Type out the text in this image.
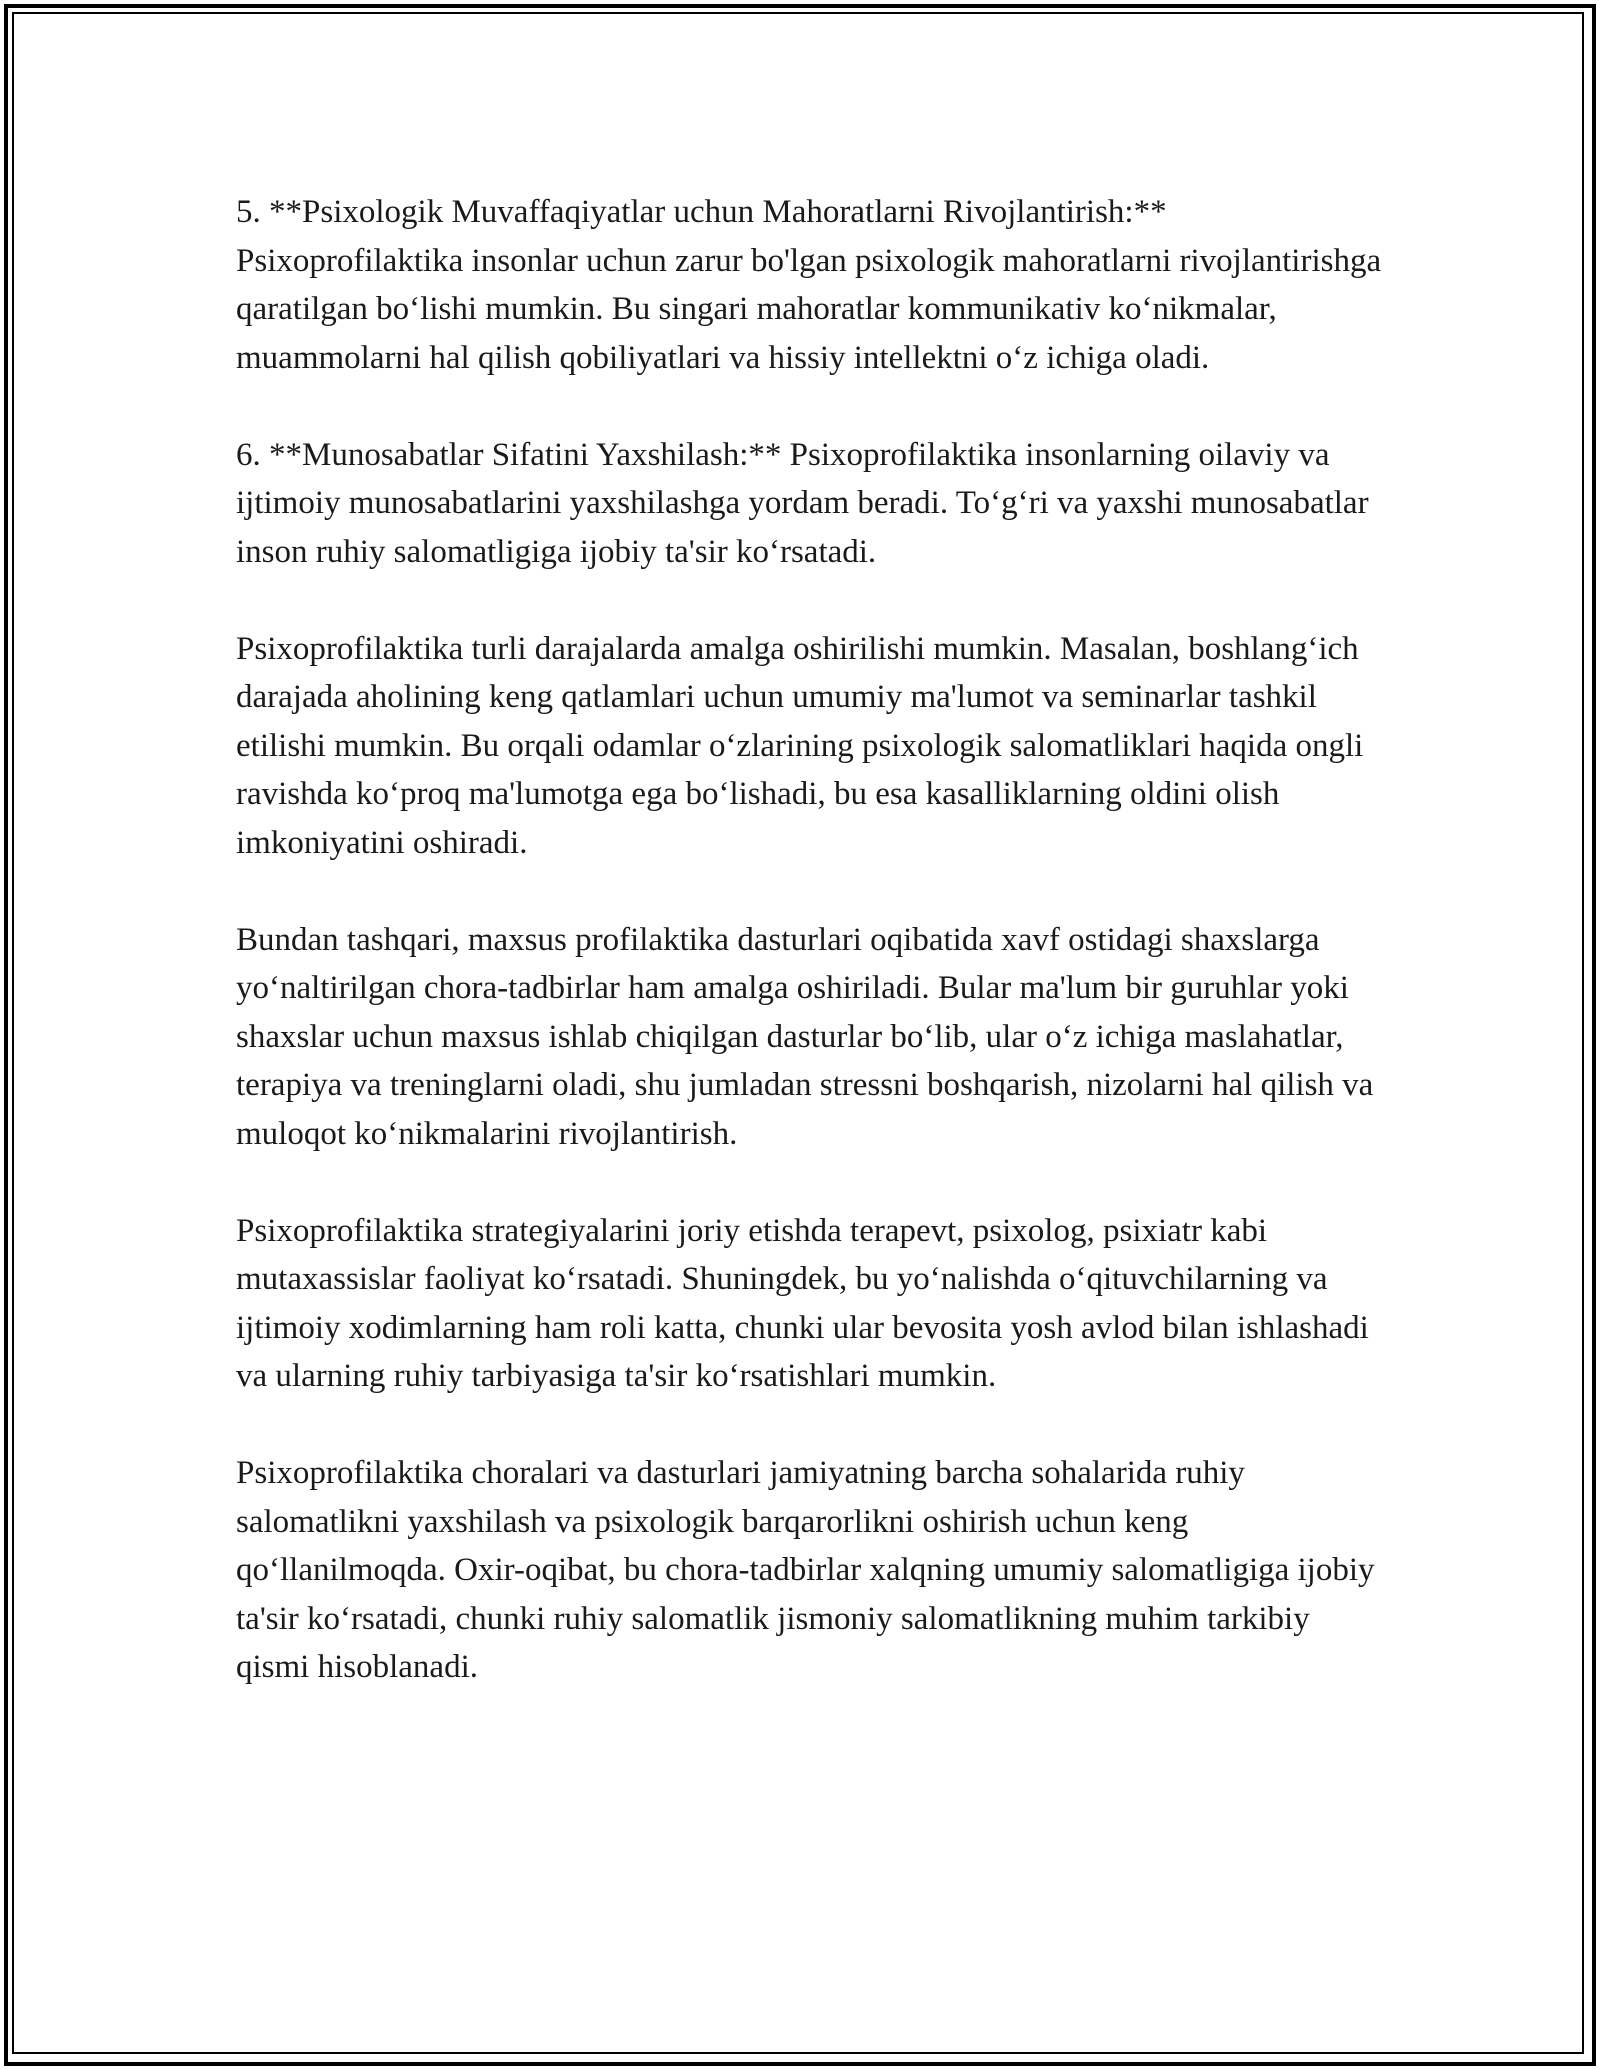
5. **Psixologik Muvaffaqiyatlar uchun Mahoratlarni Rivojlantirish:** Psixoprofilaktika insonlar uchun zarur bo'lgan psixologik mahoratlarni rivojlantirishga qaratilgan bo‘lishi mumkin. Bu singari mahoratlar kommunikativ ko‘nikmalar, muammolarni hal qilish qobiliyatlari va hissiy intellektni o‘z ichiga oladi.

6. **Munosabatlar Sifatini Yaxshilash:** Psixoprofilaktika insonlarning oilaviy va ijtimoiy munosabatlarini yaxshilashga yordam beradi. To‘g‘ri va yaxshi munosabatlar inson ruhiy salomatligiga ijobiy ta'sir ko‘rsatadi.

Psixoprofilaktika turli darajalarda amalga oshirilishi mumkin. Masalan, boshlang‘ich darajada aholining keng qatlamlari uchun umumiy ma'lumot va seminarlar tashkil etilishi mumkin. Bu orqali odamlar o‘zlarining psixologik salomatliklari haqida ongli ravishda ko‘proq ma'lumotga ega bo‘lishadi, bu esa kasalliklarning oldini olish imkoniyatini oshiradi.

Bundan tashqari, maxsus profilaktika dasturlari oqibatida xavf ostidagi shaxslarga yo‘naltirilgan chora-tadbirlar ham amalga oshiriladi. Bular ma'lum bir guruhlar yoki shaxslar uchun maxsus ishlab chiqilgan dasturlar bo‘lib, ular o‘z ichiga maslahatlar, terapiya va treninglarni oladi, shu jumladan stressni boshqarish, nizolarni hal qilish va muloqot ko‘nikmalarini rivojlantirish.

Psixoprofilaktika strategiyalarini joriy etishda terapevt, psixolog, psixiatr kabi mutaxassislar faoliyat ko‘rsatadi. Shuningdek, bu yo‘nalishda o‘qituvchilarning va ijtimoiy xodimlarning ham roli katta, chunki ular bevosita yosh avlod bilan ishlashadi va ularning ruhiy tarbiyasiga ta'sir ko‘rsatishlari mumkin.

Psixoprofilaktika choralari va dasturlari jamiyatning barcha sohalarida ruhiy salomatlikni yaxshilash va psixologik barqarorlikni oshirish uchun keng qo‘llanilmoqda. Oxir-oqibat, bu chora-tadbirlar xalqning umumiy salomatligiga ijobiy ta'sir ko‘rsatadi, chunki ruhiy salomatlik jismoniy salomatlikning muhim tarkibiy qismi hisoblanadi.
